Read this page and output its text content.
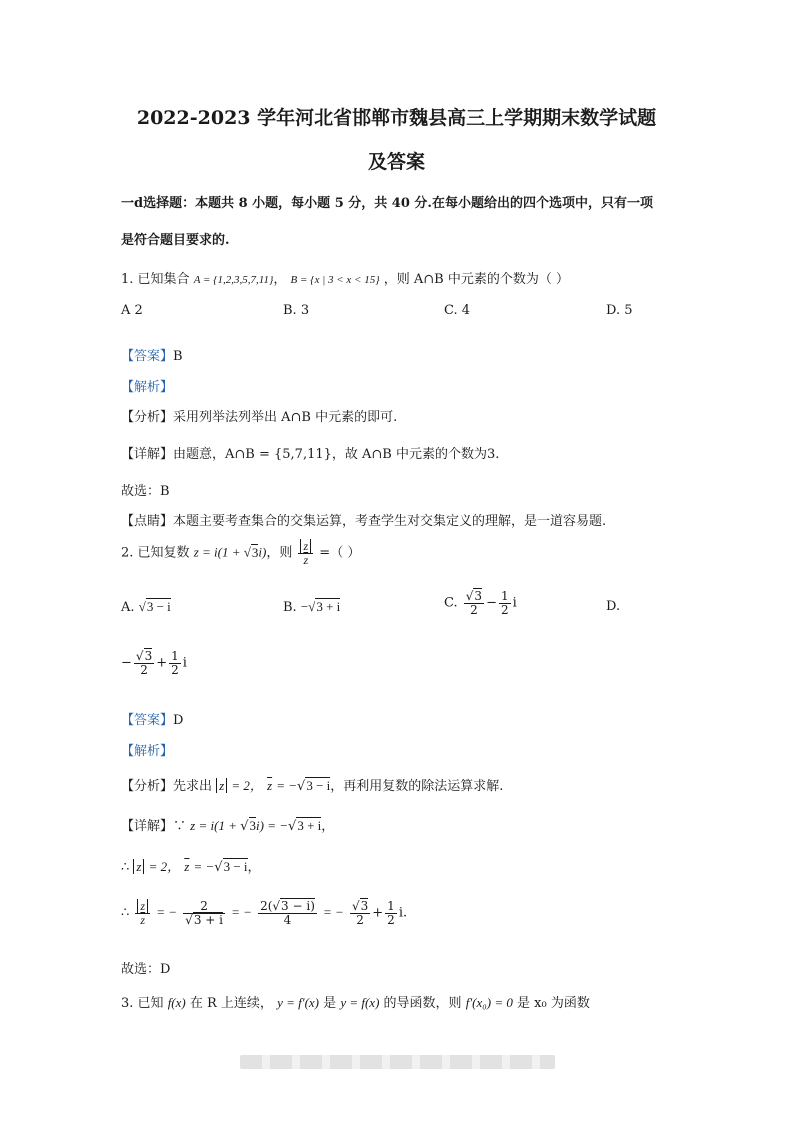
2022-2023 学年河北省邯郸市魏县高三上学期期末数学试题
及答案
一d选择题：本题共 8 小题，每小题 5 分，共 40 分.在每小题给出的四个选项中，只有一项
是符合题目要求的.
1. 已知集合 A = {1,2,3,5,7,11}， B = {x | 3 < x < 15} ，则 A∩B 中元素的个数为（ ）
A 2	B. 3	C. 4	D. 5
【答案】B
【解析】
【分析】采用列举法列举出 A∩B 中元素的即可.
【详解】由题意，A∩B = {5,7,11}，故 A∩B 中元素的个数为3.
故选：B
【点睛】本题主要考查集合的交集运算，考查学生对交集定义的理解，是一道容易题.
2. 已知复数 z = i(1 + √3i)，则 $\frac{z}{z}$ =（ ）
A. √3 − i	B. −√3 + i	C. $\frac{√3}{2} - \frac{1}{2}$ i	D.
− $\frac{√3}{2} + \frac{1}{2}$ i
【答案】D
【解析】
【分析】先求出 z = 2， $\overline{z} = -√3 - i$，再利用复数的除法运算求解.
【详解】∵ z = i(1 + √3i) = −√3 + i，
∴ z = 2， $\overline{z} = -√3 - i$，
∴ $\frac{z}{z}$ = − $\frac{2}{√3 + i}$ = − $\frac{2(√3 - i)}{4}$ = − $\frac{√3}{2} + \frac{1}{2} i$.
故选：D
3. 已知 f(x) 在 R 上连续， y = f′(x) 是 y = f(x) 的导函数，则 f′(x₀) = 0 是 x₀ 为函数
